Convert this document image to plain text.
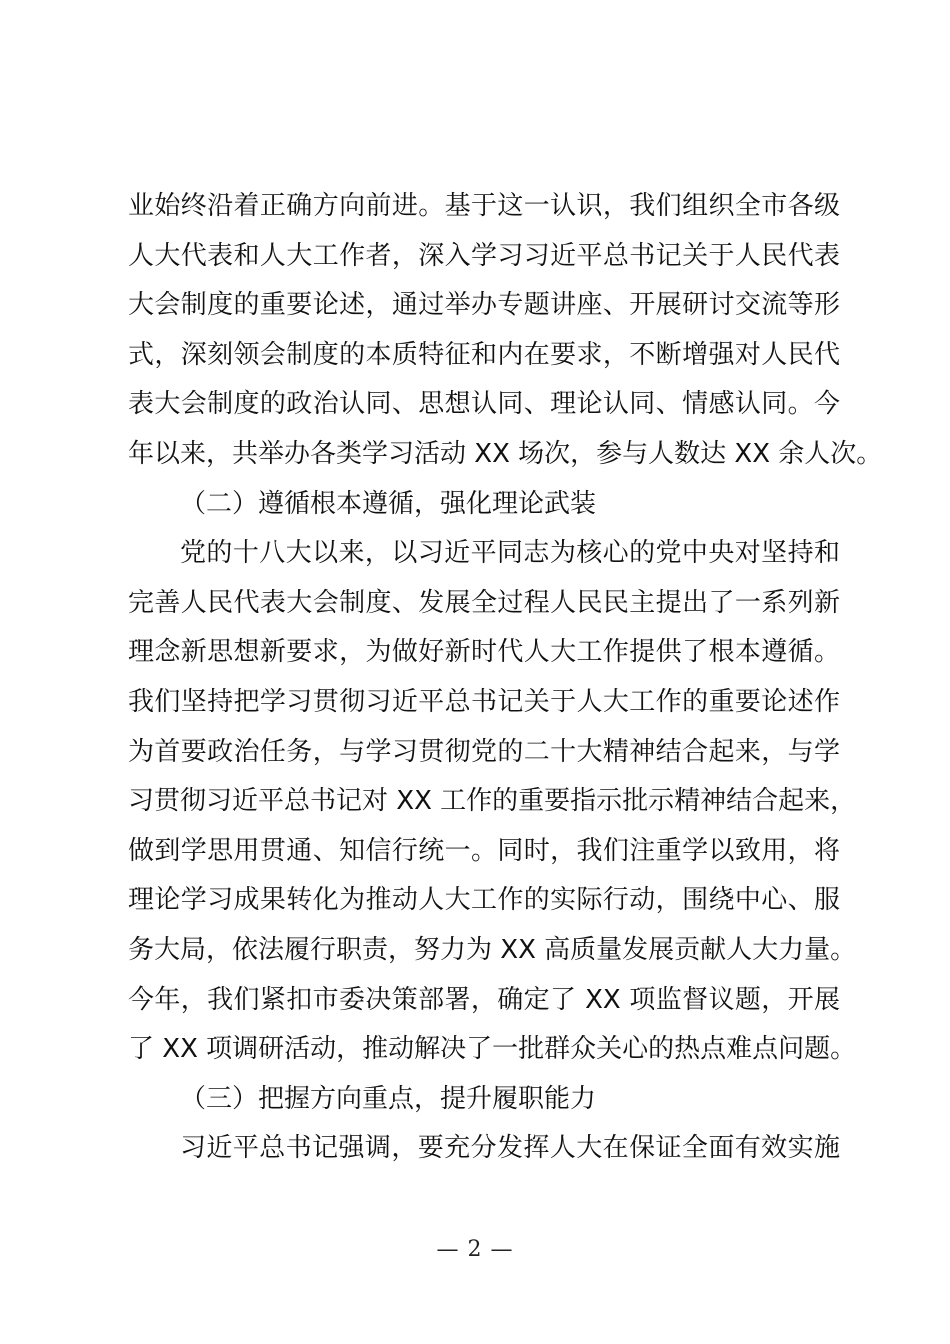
业始终沿着正确方向前进。基于这一认识，我们组织全市各级
人大代表和人大工作者，深入学习习近平总书记关于人民代表
大会制度的重要论述，通过举办专题讲座、开展研讨交流等形
式，深刻领会制度的本质特征和内在要求，不断增强对人民代
表大会制度的政治认同、思想认同、理论认同、情感认同。今
年以来，共举办各类学习活动 XX 场次，参与人数达 XX 余人次。
（二）遵循根本遵循，强化理论武装
党的十八大以来，以习近平同志为核心的党中央对坚持和
完善人民代表大会制度、发展全过程人民民主提出了一系列新
理念新思想新要求，为做好新时代人大工作提供了根本遵循。
我们坚持把学习贯彻习近平总书记关于人大工作的重要论述作
为首要政治任务，与学习贯彻党的二十大精神结合起来，与学
习贯彻习近平总书记对 XX 工作的重要指示批示精神结合起来，
做到学思用贯通、知信行统一。同时，我们注重学以致用，将
理论学习成果转化为推动人大工作的实际行动，围绕中心、服
务大局，依法履行职责，努力为 XX 高质量发展贡献人大力量。
今年，我们紧扣市委决策部署，确定了 XX 项监督议题，开展
了 XX 项调研活动，推动解决了一批群众关心的热点难点问题。
（三）把握方向重点，提升履职能力
习近平总书记强调，要充分发挥人大在保证全面有效实施
— 2 —
